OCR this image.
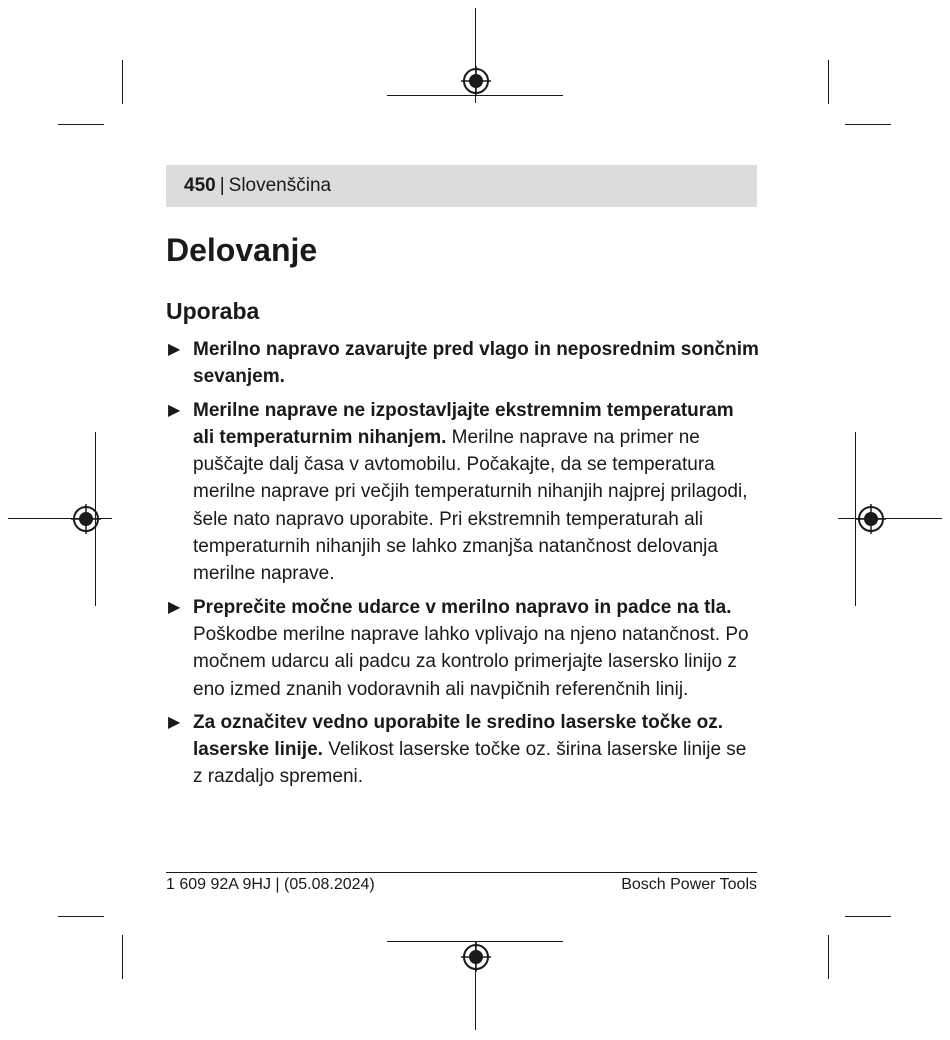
450 | Slovenščina
Delovanje
Uporaba
▶ Merilno napravo zavarujte pred vlago in neposrednim sončnim sevanjem.
▶ Merilne naprave ne izpostavljajte ekstremnim temperaturam ali temperaturnim nihanjem. Merilne naprave na primer ne puščajte dalj časa v avtomobilu. Počakajte, da se temperatura merilne naprave pri večjih temperaturnih nihanjih najprej prilagodi, šele nato napravo uporabite. Pri ekstremnih temperaturah ali temperaturnih nihanjih se lahko zmanjša natančnost delovanja merilne naprave.
▶ Preprečite močne udarce v merilno napravo in padce na tla. Poškodbe merilne naprave lahko vplivajo na njeno natančnost. Po močnem udarcu ali padcu za kontrolo primerjajte lasersko linijo z eno izmed znanih vodoravnih ali navpičnih referenčnih linij.
▶ Za označitev vedno uporabite le sredino laserske točke oz. laserske linije. Velikost laserske točke oz. širina laserske linije se z razdaljo spremeni.
1 609 92A 9HJ | (05.08.2024)	Bosch Power Tools
